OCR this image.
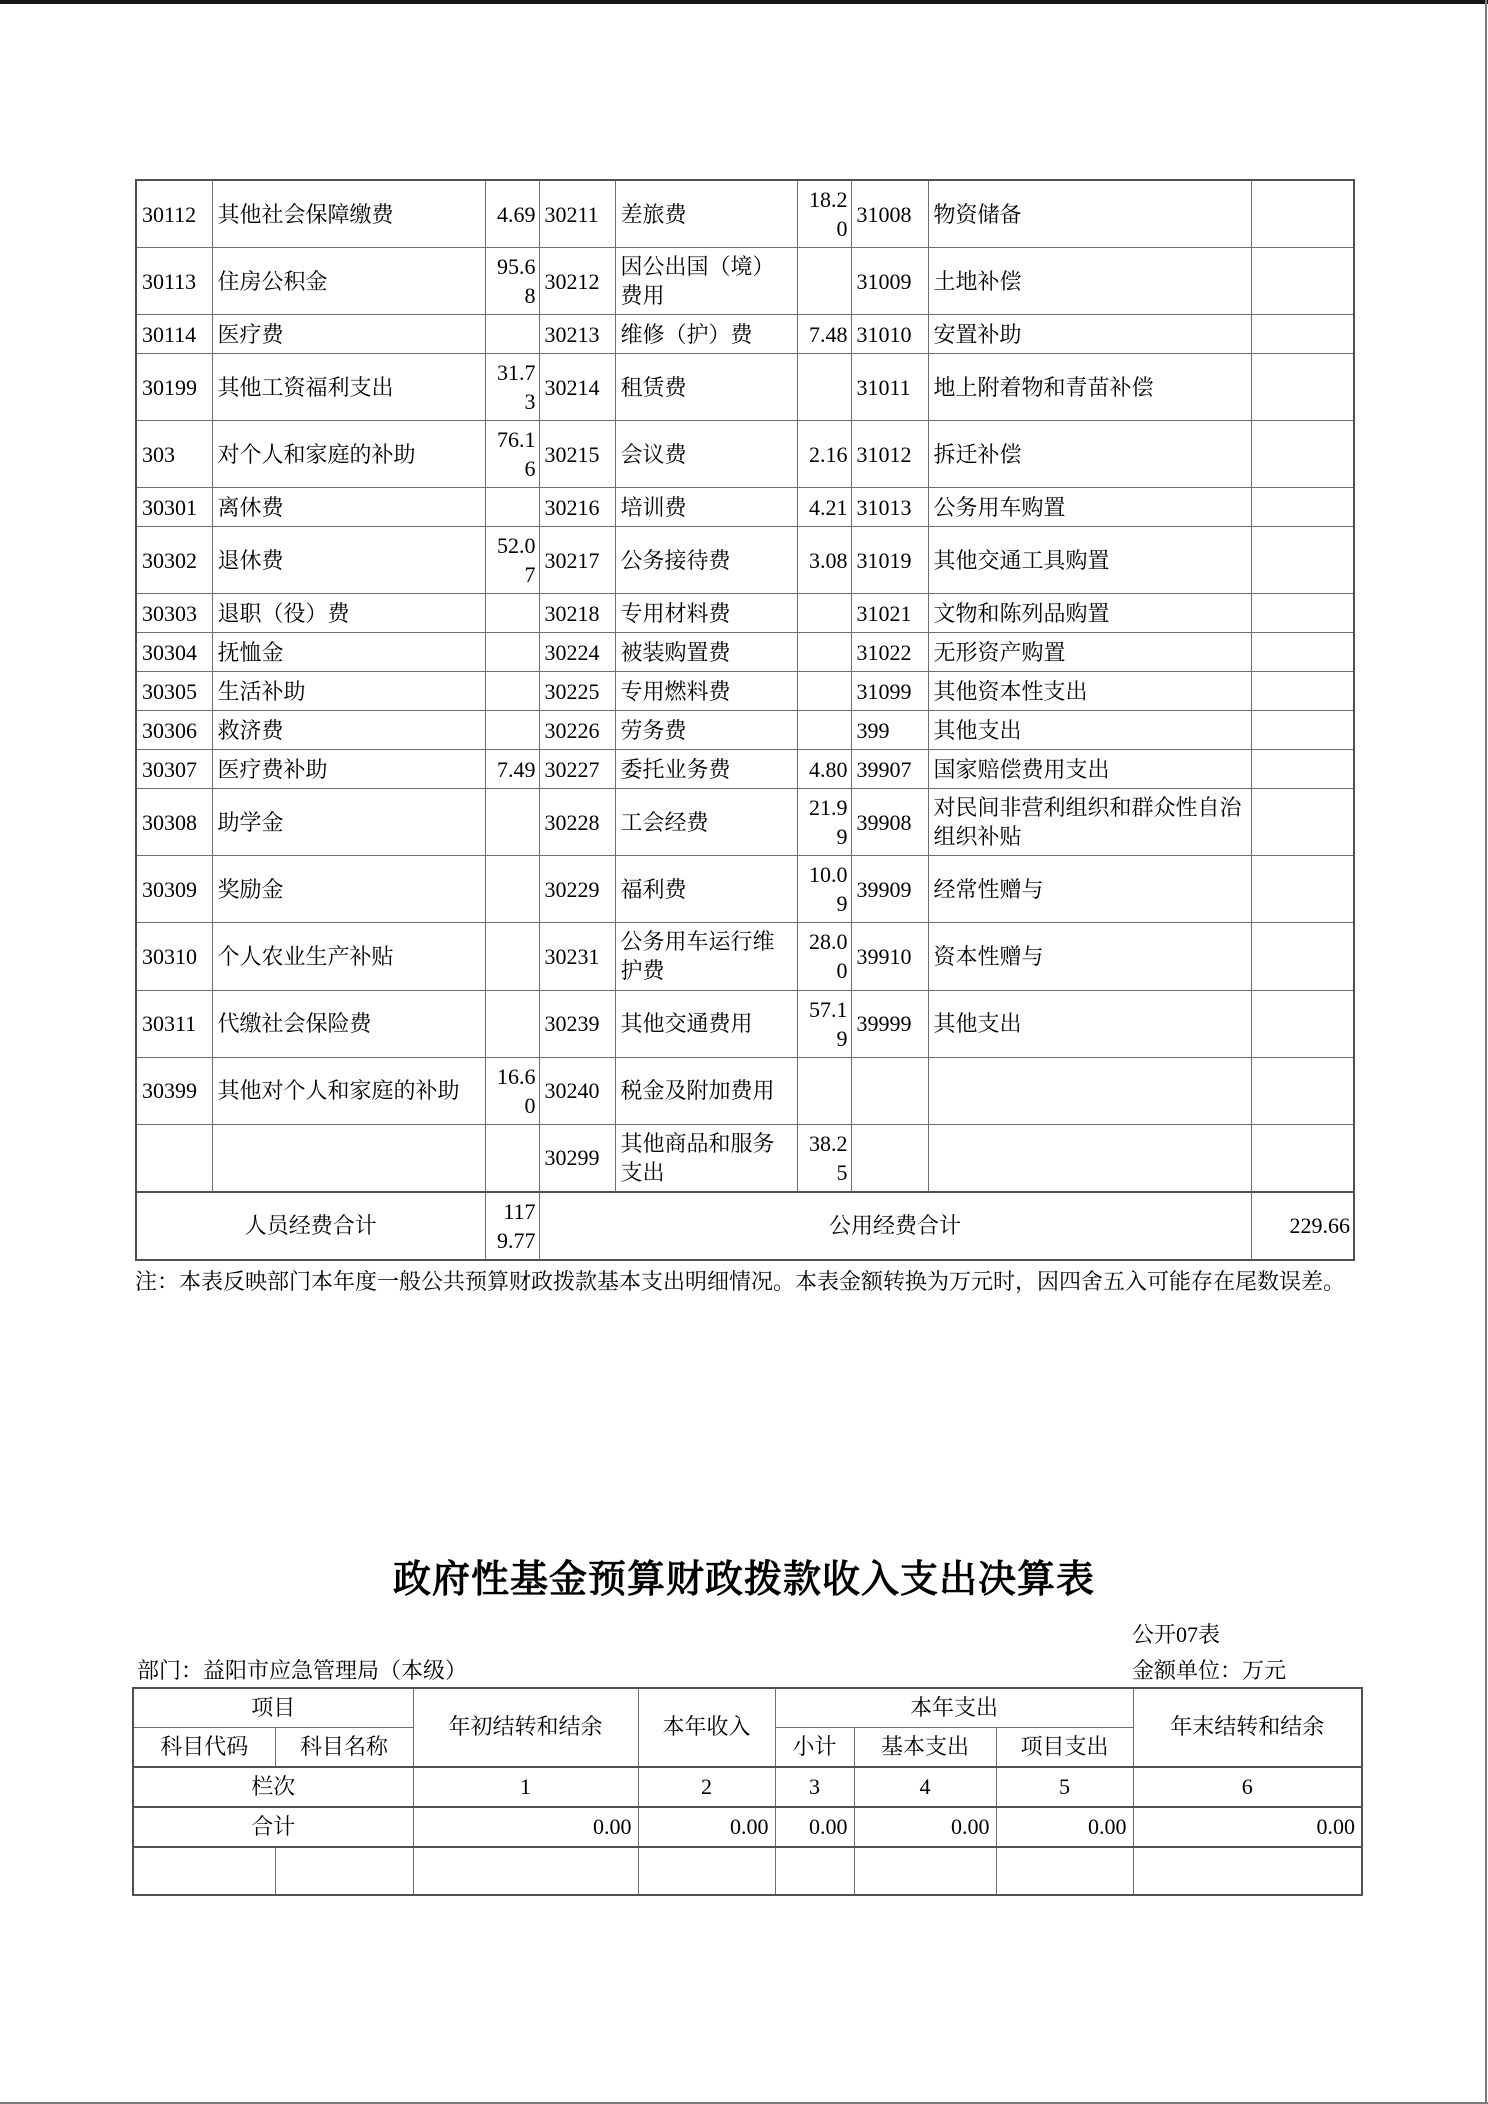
30112	其他社会保障缴费	4.69	30211	差旅费	18.20	31008	物资储备	
30113	住房公积金	95.68	30212	因公出国（境）费用		31009	土地补偿	
30114	医疗费		30213	维修（护）费	7.48	31010	安置补助	
30199	其他工资福利支出	31.73	30214	租赁费		31011	地上附着物和青苗补偿	
303	对个人和家庭的补助	76.16	30215	会议费	2.16	31012	拆迁补偿	
30301	离休费		30216	培训费	4.21	31013	公务用车购置	
30302	退休费	52.07	30217	公务接待费	3.08	31019	其他交通工具购置	
30303	退职（役）费		30218	专用材料费		31021	文物和陈列品购置	
30304	抚恤金		30224	被装购置费		31022	无形资产购置	
30305	生活补助		30225	专用燃料费		31099	其他资本性支出	
30306	救济费		30226	劳务费		399	其他支出	
30307	医疗费补助	7.49	30227	委托业务费	4.80	39907	国家赔偿费用支出	
30308	助学金		30228	工会经费	21.99	39908	对民间非营利组织和群众性自治组织补贴	
30309	奖励金		30229	福利费	10.09	39909	经常性赠与	
30310	个人农业生产补贴		30231	公务用车运行维护费	28.00	39910	资本性赠与	
30311	代缴社会保险费		30239	其他交通费用	57.19	39999	其他支出	
30399	其他对个人和家庭的补助	16.60	30240	税金及附加费用				
			30299	其他商品和服务支出	38.25			
人员经费合计		1179.77	公用经费合计					229.66
注：本表反映部门本年度一般公共预算财政拨款基本支出明细情况。本表金额转换为万元时，因四舍五入可能存在尾数误差。
政府性基金预算财政拨款收入支出决算表
公开07表
部门：益阳市应急管理局（本级）	金额单位：万元
项目		年初结转和结余	本年收入	本年支出			年末结转和结余
科目代码	科目名称			小计	基本支出	项目支出	
栏次		1	2	3	4	5	6
合计		0.00	0.00	0.00	0.00	0.00	0.00
